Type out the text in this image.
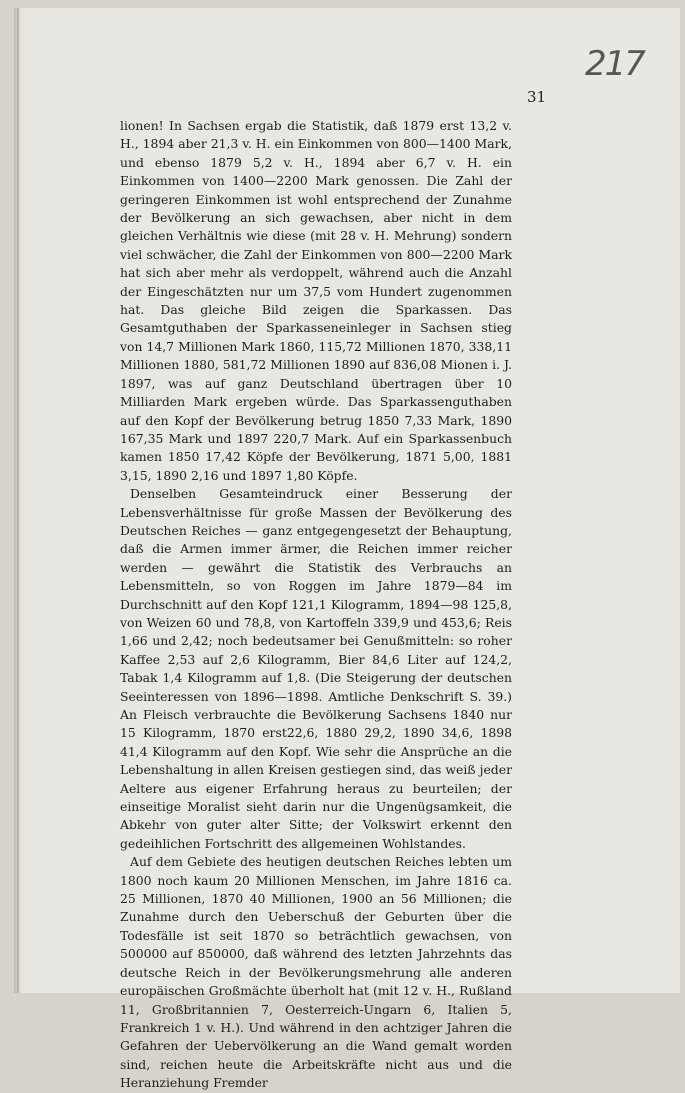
217
31

lionen! In Sachsen ergab die Statistik, daß 1879 erst 13,2 v. H., 1894 aber 21,3 v. H. ein Einkommen von 800—1400 Mark, und ebenso 1879 5,2 v. H., 1894 aber 6,7 v. H. ein Einkommen von 1400—2200 Mark genossen. Die Zahl der geringeren Einkommen ist wohl entsprechend der Zunahme der Bevölkerung an sich gewachsen, aber nicht in dem gleichen Verhältnis wie diese (mit 28 v. H. Mehrung) sondern viel schwächer, die Zahl der Einkommen von 800—2200 Mark hat sich aber mehr als verdoppelt, während auch die Anzahl der Eingeschätzten nur um 37,5 vom Hundert zugenommen hat. Das gleiche Bild zeigen die Sparkassen. Das Gesamtguthaben der Sparkasseneinleger in Sachsen stieg von 14,7 Millionen Mark 1860, 115,72 Millionen 1870, 338,11 Millionen 1880, 581,72 Millionen 1890 auf 836,08 Mionen i. J. 1897, was auf ganz Deutschland übertragen über 10 Milliarden Mark ergeben würde. Das Sparkassenguthaben auf den Kopf der Bevölkerung betrug 1850 7,33 Mark, 1890 167,35 Mark und 1897 220,7 Mark. Auf ein Sparkassenbuch kamen 1850 17,42 Köpfe der Bevölkerung, 1871 5,00, 1881 3,15, 1890 2,16 und 1897 1,80 Köpfe.

Denselben Gesamteindruck einer Besserung der Lebensverhältnisse für große Massen der Bevölkerung des Deutschen Reiches — ganz entgegengesetzt der Behauptung, daß die Armen immer ärmer, die Reichen immer reicher werden — gewährt die Statistik des Verbrauchs an Lebensmitteln, so von Roggen im Jahre 1879—84 im Durchschnitt auf den Kopf 121,1 Kilogramm, 1894—98 125,8, von Weizen 60 und 78,8, von Kartoffeln 339,9 und 453,6; Reis 1,66 und 2,42; noch bedeutsamer bei Genußmitteln: so roher Kaffee 2,53 auf 2,6 Kilogramm, Bier 84,6 Liter auf 124,2, Tabak 1,4 Kilogramm auf 1,8. (Die Steigerung der deutschen Seeinteressen von 1896—1898. Amtliche Denkschrift S. 39.) An Fleisch verbrauchte die Bevölkerung Sachsens 1840 nur 15 Kilogramm, 1870 erst22,6, 1880 29,2, 1890 34,6, 1898 41,4 Kilogramm auf den Kopf. Wie sehr die Ansprüche an die Lebenshaltung in allen Kreisen gestiegen sind, das weiß jeder Aeltere aus eigener Erfahrung heraus zu beurteilen; der einseitige Moralist sieht darin nur die Ungenügsamkeit, die Abkehr von guter alter Sitte; der Volkswirt erkennt den gedeihlichen Fortschritt des allgemeinen Wohlstandes.

Auf dem Gebiete des heutigen deutschen Reiches lebten um 1800 noch kaum 20 Millionen Menschen, im Jahre 1816 ca. 25 Millionen, 1870 40 Millionen, 1900 an 56 Millionen; die Zunahme durch den Ueberschuß der Geburten über die Todesfälle ist seit 1870 so beträchtlich gewachsen, von 500000 auf 850000, daß während des letzten Jahrzehnts das deutsche Reich in der Bevölkerungsmehrung alle anderen europäischen Großmächte überholt hat (mit 12 v. H., Rußland 11, Großbritannien 7, Oesterreich-Ungarn 6, Italien 5, Frankreich 1 v. H.). Und während in den achtziger Jahren die Gefahren der Uebervölkerung an die Wand gemalt worden sind, reichen heute die Arbeitskräfte nicht aus und die Heranziehung Fremder
